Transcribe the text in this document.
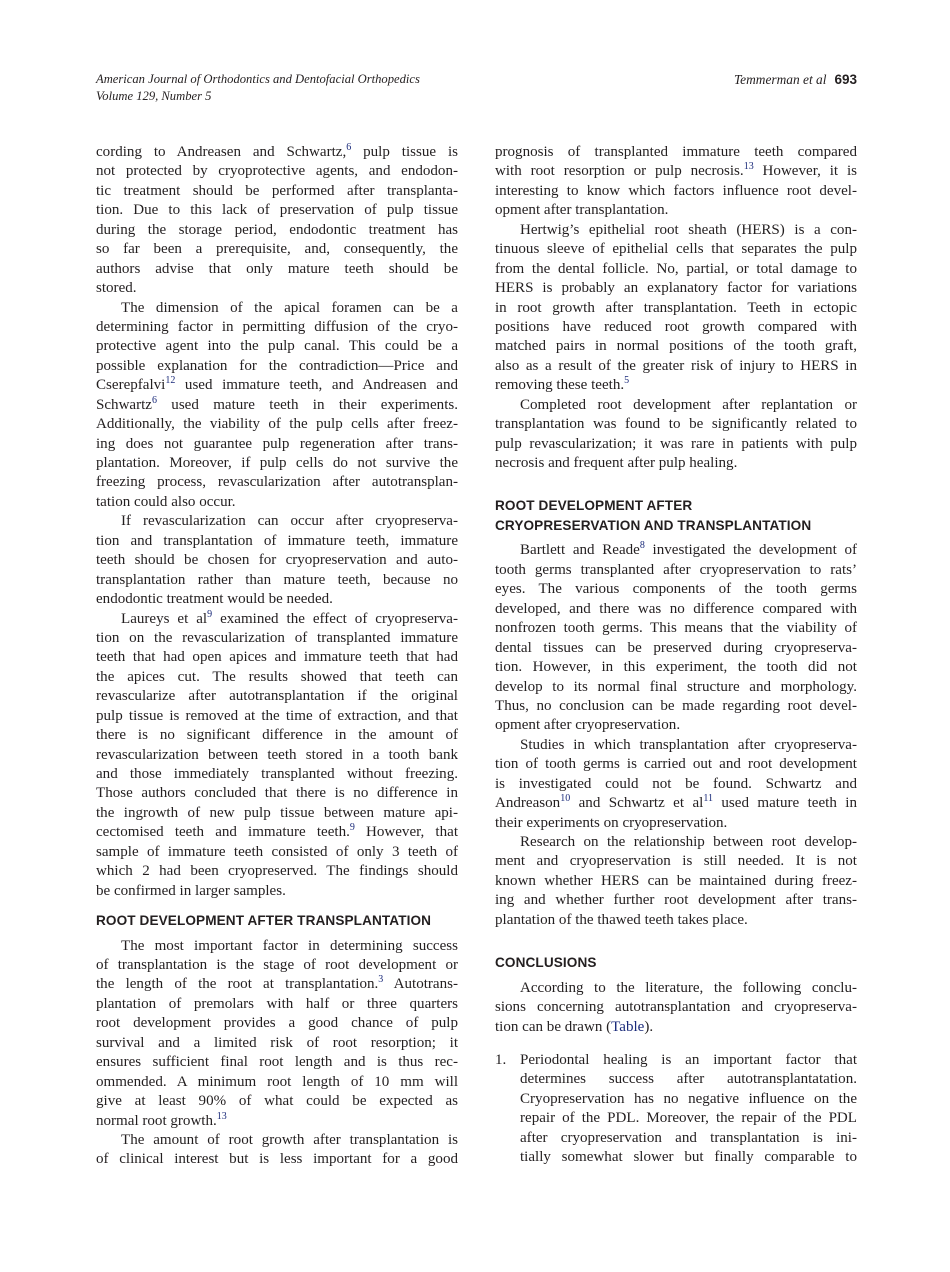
American Journal of Orthodontics and Dentofacial Orthopedics
Volume 129, Number 5
Temmerman et al 693
cording to Andreasen and Schwartz,$^6$ pulp tissue is
not protected by cryoprotective agents, and endodon-
tic treatment should be performed after transplanta-
tion. Due to this lack of preservation of pulp tissue
during the storage period, endodontic treatment has
so far been a prerequisite, and, consequently, the
authors advise that only mature teeth should be
stored.
The dimension of the apical foramen can be a
determining factor in permitting diffusion of the cryo-
protective agent into the pulp canal. This could be a
possible explanation for the contradiction—Price and
Cserepfalvi$^{12}$ used immature teeth, and Andreasen and
Schwartz$^6$ used mature teeth in their experiments.
Additionally, the viability of the pulp cells after freez-
ing does not guarantee pulp regeneration after trans-
plantation. Moreover, if pulp cells do not survive the
freezing process, revascularization after autotransplan-
tation could also occur.
If revascularization can occur after cryopreserva-
tion and transplantation of immature teeth, immature
teeth should be chosen for cryopreservation and auto-
transplantation rather than mature teeth, because no
endodontic treatment would be needed.
Laureys et al$^9$ examined the effect of cryopreserva-
tion on the revascularization of transplanted immature
teeth that had open apices and immature teeth that had
the apices cut. The results showed that teeth can
revascularize after autotransplantation if the original
pulp tissue is removed at the time of extraction, and that
there is no significant difference in the amount of
revascularization between teeth stored in a tooth bank
and those immediately transplanted without freezing.
Those authors concluded that there is no difference in
the ingrowth of new pulp tissue between mature api-
cectomised teeth and immature teeth.$^9$ However, that
sample of immature teeth consisted of only 3 teeth of
which 2 had been cryopreserved. The findings should
be confirmed in larger samples.
ROOT DEVELOPMENT AFTER TRANSPLANTATION
The most important factor in determining success
of transplantation is the stage of root development or
the length of the root at transplantation.$^3$ Autotrans-
plantation of premolars with half or three quarters
root development provides a good chance of pulp
survival and a limited risk of root resorption; it
ensures sufficient final root length and is thus rec-
ommended. A minimum root length of 10 mm will
give at least 90% of what could be expected as
normal root growth.$^{13}$
The amount of root growth after transplantation is
of clinical interest but is less important for a good
prognosis of transplanted immature teeth compared
with root resorption or pulp necrosis.$^{13}$ However, it is
interesting to know which factors influence root devel-
opment after transplantation.
Hertwig’s epithelial root sheath (HERS) is a con-
tinuous sleeve of epithelial cells that separates the pulp
from the dental follicle. No, partial, or total damage to
HERS is probably an explanatory factor for variations
in root growth after transplantation. Teeth in ectopic
positions have reduced root growth compared with
matched pairs in normal positions of the tooth graft,
also as a result of the greater risk of injury to HERS in
removing these teeth.$^5$
Completed root development after replantation or
transplantation was found to be significantly related to
pulp revascularization; it was rare in patients with pulp
necrosis and frequent after pulp healing.
ROOT DEVELOPMENT AFTER
CRYOPRESERVATION AND TRANSPLANTATION
Bartlett and Reade$^8$ investigated the development of
tooth germs transplanted after cryopreservation to rats’
eyes. The various components of the tooth germs
developed, and there was no difference compared with
nonfrozen tooth germs. This means that the viability of
dental tissues can be preserved during cryopreserva-
tion. However, in this experiment, the tooth did not
develop to its normal final structure and morphology.
Thus, no conclusion can be made regarding root devel-
opment after cryopreservation.
Studies in which transplantation after cryopreserva-
tion of tooth germs is carried out and root development
is investigated could not be found. Schwartz and
Andreason$^{10}$ and Schwartz et al$^{11}$ used mature teeth in
their experiments on cryopreservation.
Research on the relationship between root develop-
ment and cryopreservation is still needed. It is not
known whether HERS can be maintained during freez-
ing and whether further root development after trans-
plantation of the thawed teeth takes place.
CONCLUSIONS
According to the literature, the following conclu-
sions concerning autotransplantation and cryopreserva-
tion can be drawn (Table).
1. Periodontal healing is an important factor that
determines success after autotransplantatation.
Cryopreservation has no negative influence on the
repair of the PDL. Moreover, the repair of the PDL
after cryopreservation and transplantation is ini-
tially somewhat slower but finally comparable to
